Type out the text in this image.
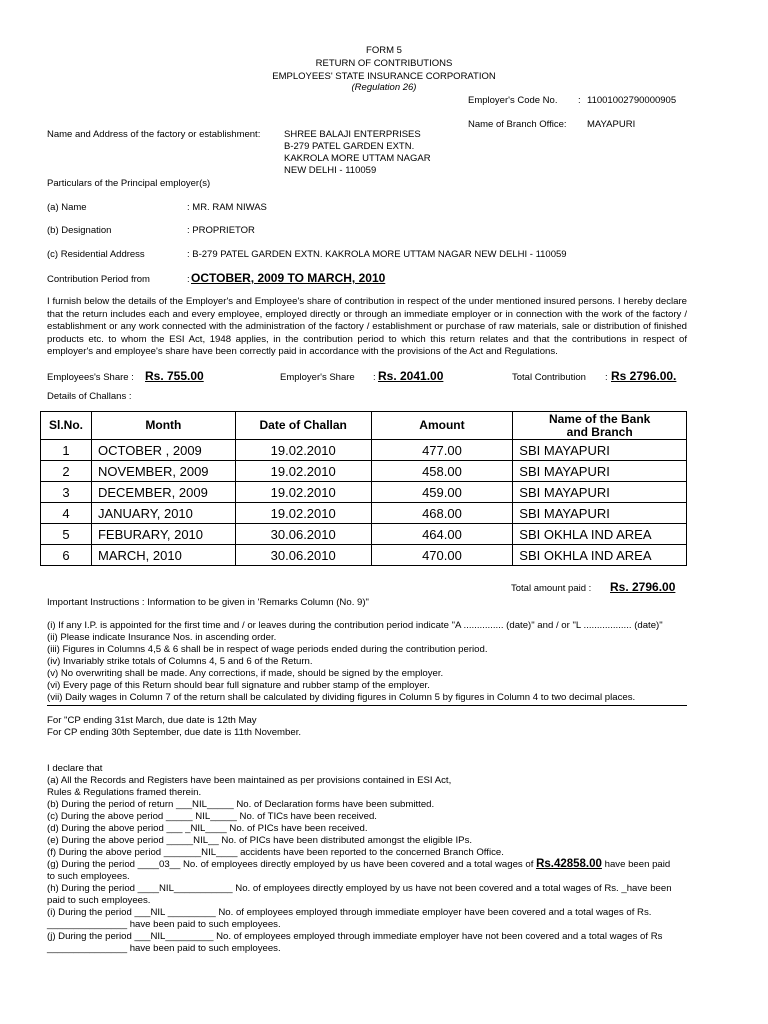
FORM 5
RETURN OF CONTRIBUTIONS
EMPLOYEES' STATE INSURANCE CORPORATION
(Regulation 26)
Employer's Code No. : 11001002790000905
Name of Branch Office: MAYAPURI
Name and Address of the factory or establishment: SHREE BALAJI ENTERPRISES
B-279 PATEL GARDEN EXTN.
KAKROLA MORE UTTAM NAGAR
NEW DELHI - 110059
Particulars of the Principal employer(s)
(a) Name	: MR. RAM NIWAS
(b) Designation	: PROPRIETOR
(c) Residential Address	: B-279 PATEL GARDEN EXTN. KAKROLA MORE UTTAM NAGAR NEW DELHI - 110059
Contribution Period from	: OCTOBER, 2009 TO MARCH, 2010
I furnish below the details of the Employer's and Employee's share of contribution in respect of the under mentioned insured persons. I hereby declare that the return includes each and every employee, employed directly or through an immediate employer or in connection with the work of the factory / establishment or any work connected with the administration of the factory / establishment or purchase of raw materials, sale or distribution of finished products etc. to whom the ESI Act, 1948 applies, in the contribution period to which this return relates and that the contributions in respect of employer's and employee's share have been correctly paid in accordance with the provisions of the Act and Regulations.
Employees's Share : Rs. 755.00	Employer's Share : Rs. 2041.00	Total Contribution : Rs 2796.00.
Details of Challans :
Sl.No.	Month	Date of Challan	Amount	Name of the Bank
and Branch
1	OCTOBER , 2009	19.02.2010	477.00	SBI MAYAPURI
2	NOVEMBER, 2009	19.02.2010	458.00	SBI MAYAPURI
3	DECEMBER, 2009	19.02.2010	459.00	SBI MAYAPURI
4	JANUARY, 2010	19.02.2010	468.00	SBI MAYAPURI
5	FEBURARY, 2010	30.06.2010	464.00	SBI OKHLA IND AREA
6	MARCH, 2010	30.06.2010	470.00	SBI OKHLA IND AREA
Total amount paid : Rs. 2796.00
Important Instructions : Information to be given in 'Remarks Column (No. 9)"
(i) If any I.P. is appointed for the first time and / or leaves during the contribution period indicate "A ............... (date)" and / or "L .................. (date)"
(ii) Please indicate Insurance Nos. in ascending order.
(iii) Figures in Columns 4,5 & 6 shall be in respect of wage periods ended during the contribution period.
(iv) Invariably strike totals of Columns 4, 5 and 6 of the Return.
(v) No overwriting shall be made. Any corrections, if made, should be signed by the employer.
(vi) Every page of this Return should bear full signature and rubber stamp of the employer.
(vii) Daily wages in Column 7 of the return shall be calculated by dividing figures in Column 5 by figures in Column 4 to two decimal places.
For "CP ending 31st March, due date is 12th May
For CP ending 30th September, due date is 11th November.
I declare that
(a) All the Records and Registers have been maintained as per provisions contained in ESI Act,
Rules & Regulations framed therein.
(b) During the period of return ___NIL_____ No. of Declaration forms have been submitted.
(c) During the above period _____ NIL_____ No. of TICs have been received.
(d) During the above period ___ _NIL____ No. of PICs have been received.
(e) During the above period _____NIL__ No. of PICs have been distributed amongst the eligible IPs.
(f) During the above period _______NIL____ accidents have been reported to the concerned Branch Office.
(g) During the period ____03__ No. of employees directly employed by us have been covered and a total wages of Rs.42858.00 have been paid
to such employees.
(h) During the period ____NIL___________ No. of employees directly employed by us have not been covered and a total wages of Rs. _have been
paid to such employees.
(i) During the period ___NIL _________ No. of employees employed through immediate employer have been covered and a total wages of Rs.
_______________ have been paid to such employees.
(j) During the period ___NIL_________ No. of employees employed through immediate employer have not been covered and a total wages of Rs
_______________ have been paid to such employees.
